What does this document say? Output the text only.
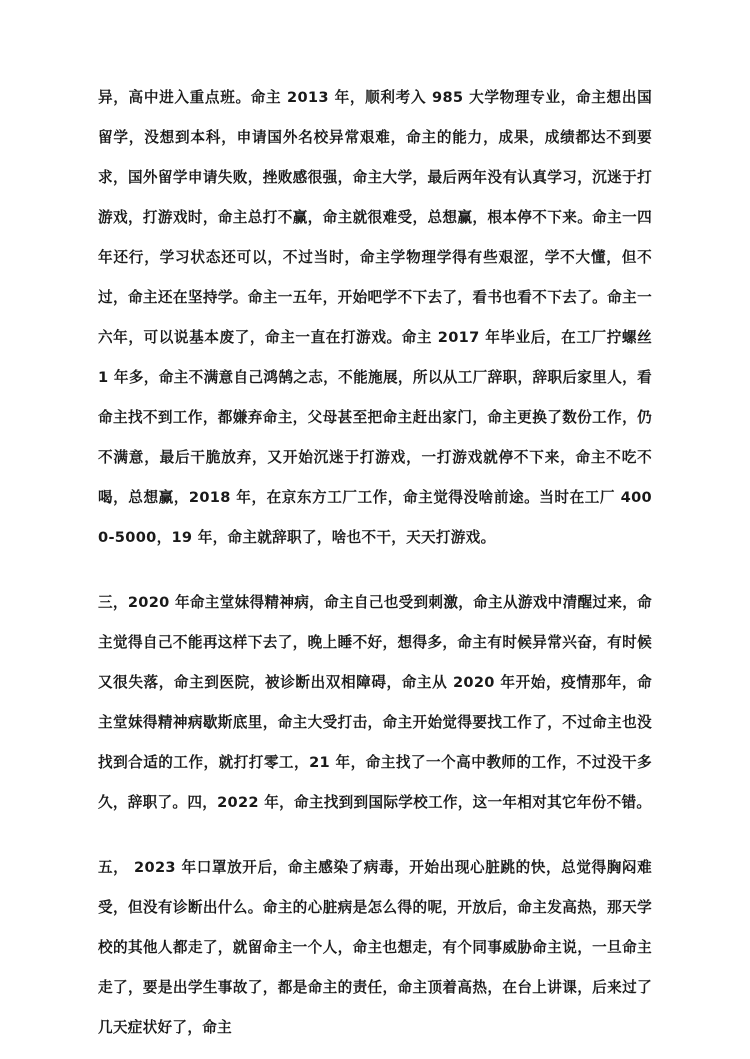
异，高中进入重点班。命主 2013 年，顺利考入 985 大学物理专业，命主想出国留学，没想到本科，申请国外名校异常艰难，命主的能力，成果，成绩都达不到要求，国外留学申请失败，挫败感很强，命主大学，最后两年没有认真学习，沉迷于打游戏，打游戏时，命主总打不赢，命主就很难受，总想赢，根本停不下来。命主一四年还行，学习状态还可以，不过当时，命主学物理学得有些艰涩，学不大懂，但不过，命主还在坚持学。命主一五年，开始吧学不下去了，看书也看不下去了。命主一六年，可以说基本废了，命主一直在打游戏。命主 2017 年毕业后，在工厂拧螺丝 1 年多，命主不满意自己鸿鹄之志，不能施展，所以从工厂辞职，辞职后家里人，看命主找不到工作，都嫌弃命主，父母甚至把命主赶出家门，命主更换了数份工作，仍不满意，最后干脆放弃，又开始沉迷于打游戏，一打游戏就停不下来，命主不吃不喝，总想赢，2018 年，在京东方工厂工作，命主觉得没啥前途。当时在工厂 4000-5000，19 年，命主就辞职了，啥也不干，天天打游戏。

三，2020 年命主堂妹得精神病，命主自己也受到刺激，命主从游戏中清醒过来，命主觉得自己不能再这样下去了，晚上睡不好，想得多，命主有时候异常兴奋，有时候又很失落，命主到医院，被诊断出双相障碍，命主从 2020 年开始，疫情那年，命主堂妹得精神病歇斯底里，命主大受打击，命主开始觉得要找工作了，不过命主也没找到合适的工作，就打打零工，21 年，命主找了一个高中教师的工作，不过没干多久，辞职了。四，2022 年，命主找到到国际学校工作，这一年相对其它年份不错。

五， 2023 年口罩放开后，命主感染了病毒，开始出现心脏跳的快，总觉得胸闷难受，但没有诊断出什么。命主的心脏病是怎么得的呢，开放后，命主发高热，那天学校的其他人都走了，就留命主一个人，命主也想走，有个同事威胁命主说，一旦命主走了，要是出学生事故了，都是命主的责任，命主顶着高热，在台上讲课，后来过了几天症状好了，命主
